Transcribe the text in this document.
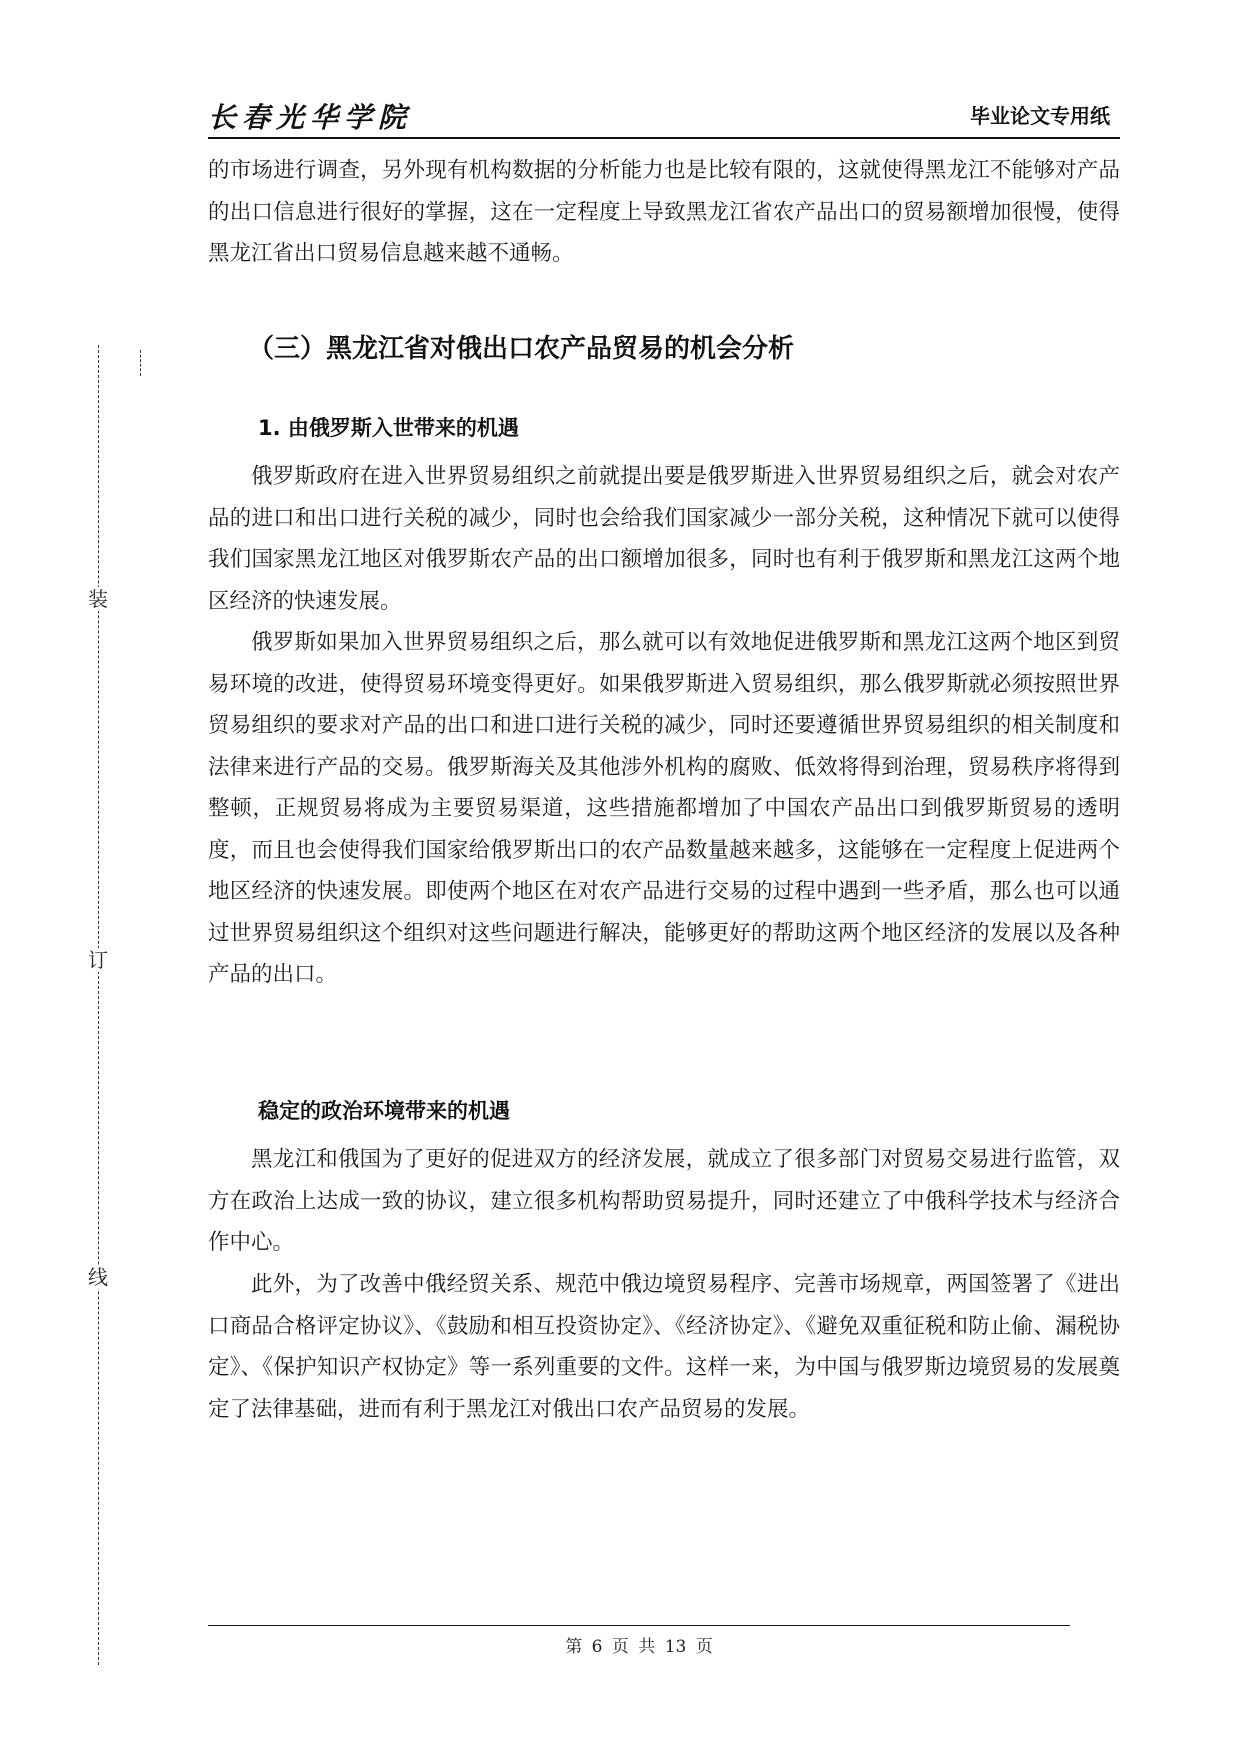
长春光华学院	毕业论文专用纸
装
订
线

的市场进行调查，另外现有机构数据的分析能力也是比较有限的，这就使得黑龙江不能够对产品的出口信息进行很好的掌握，这在一定程度上导致黑龙江省农产品出口的贸易额增加很慢，使得黑龙江省出口贸易信息越来越不通畅。

（三）黑龙江省对俄出口农产品贸易的机会分析
1. 由俄罗斯入世带来的机遇

俄罗斯政府在进入世界贸易组织之前就提出要是俄罗斯进入世界贸易组织之后，就会对农产品的进口和出口进行关税的减少，同时也会给我们国家减少一部分关税，这种情况下就可以使得我们国家黑龙江地区对俄罗斯农产品的出口额增加很多，同时也有利于俄罗斯和黑龙江这两个地区经济的快速发展。

俄罗斯如果加入世界贸易组织之后，那么就可以有效地促进俄罗斯和黑龙江这两个地区到贸易环境的改进，使得贸易环境变得更好。如果俄罗斯进入贸易组织，那么俄罗斯就必须按照世界贸易组织的要求对产品的出口和进口进行关税的减少，同时还要遵循世界贸易组织的相关制度和法律来进行产品的交易。俄罗斯海关及其他涉外机构的腐败、低效将得到治理，贸易秩序将得到整顿，正规贸易将成为主要贸易渠道，这些措施都增加了中国农产品出口到俄罗斯贸易的透明度，而且也会使得我们国家给俄罗斯出口的农产品数量越来越多，这能够在一定程度上促进两个地区经济的快速发展。即使两个地区在对农产品进行交易的过程中遇到一些矛盾，那么也可以通过世界贸易组织这个组织对这些问题进行解决，能够更好的帮助这两个地区经济的发展以及各种产品的出口。

稳定的政治环境带来的机遇

黑龙江和俄国为了更好的促进双方的经济发展，就成立了很多部门对贸易交易进行监管，双方在政治上达成一致的协议，建立很多机构帮助贸易提升，同时还建立了中俄科学技术与经济合作中心。

此外，为了改善中俄经贸关系、规范中俄边境贸易程序、完善市场规章，两国签署了《进出口商品合格评定协议》、《鼓励和相互投资协定》、《经济协定》、《避免双重征税和防止偷、漏税协定》、《保护知识产权协定》等一系列重要的文件。这样一来，为中国与俄罗斯边境贸易的发展奠定了法律基础，进而有利于黑龙江对俄出口农产品贸易的发展。

第 6 页 共 13 页
